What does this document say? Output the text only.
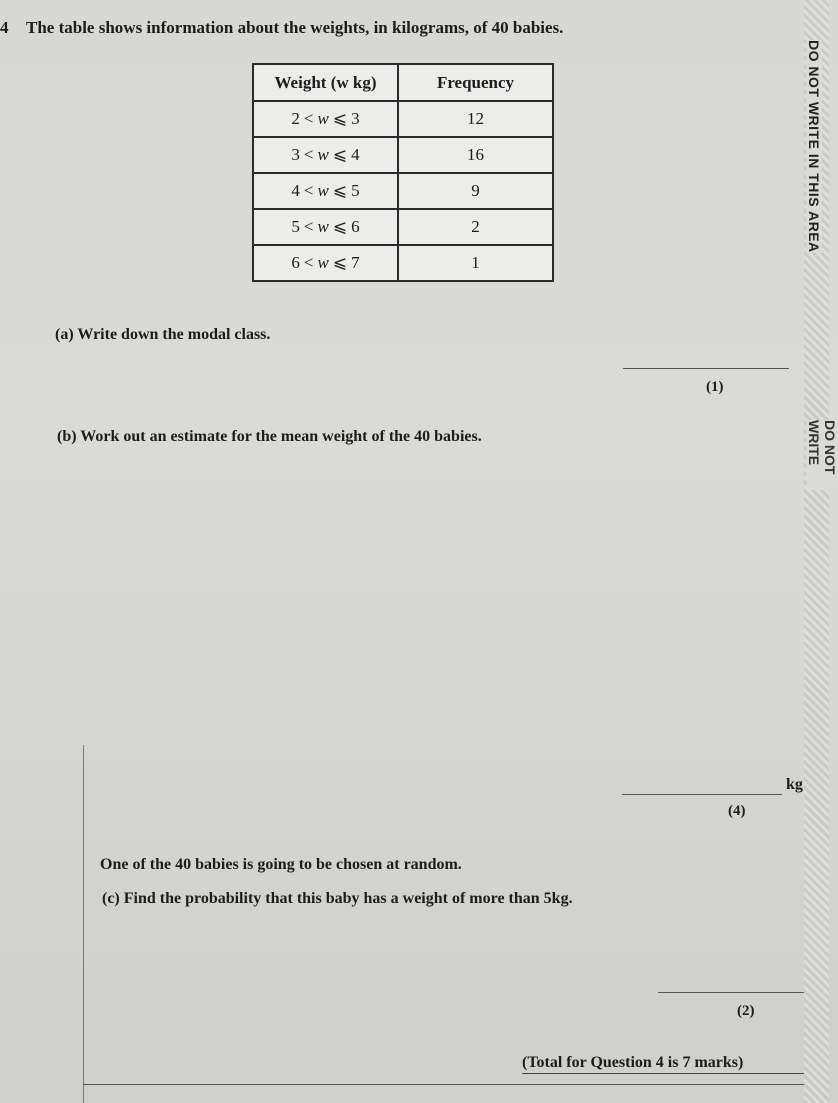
4 The table shows information about the weights, in kilograms, of 40 babies.
Weight (w kg)	Frequency
2 < w ⩽ 3	12
3 < w ⩽ 4	16
4 < w ⩽ 5	9
5 < w ⩽ 6	2
6 < w ⩽ 7	1
(a) Write down the modal class.
(1)
(b) Work out an estimate for the mean weight of the 40 babies.
kg
(4)
One of the 40 babies is going to be chosen at random.
(c) Find the probability that this baby has a weight of more than 5kg.
(2)
(Total for Question 4 is 7 marks)
DO NOT WRITE IN THIS AREA
DO NOT WRITE
